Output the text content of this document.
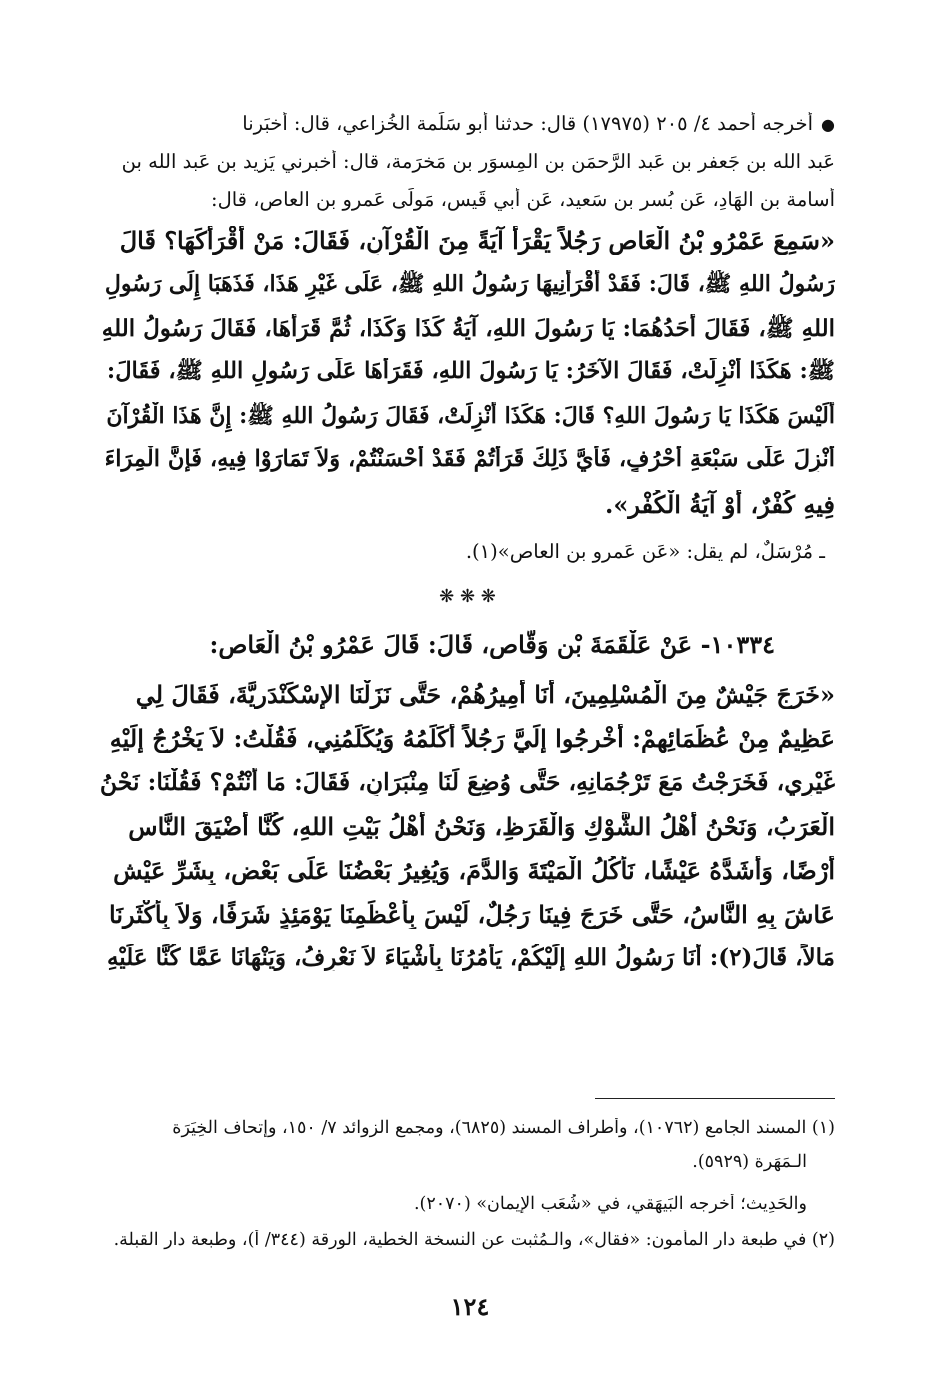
●أخرجه أحمد ٤/ ٢٠٥ (١٧٩٧٥) قال: حدثنا أَبو سَلَمة الخُزاعي، قال: أَخبَرنا
عَبد الله بن جَعفر بن عَبد الرَّحمَن بن المِسوَر بن مَخرَمة، قال: أخبرني يَزيد بن عَبد الله بن
أُسامة بن الهَادِ، عَن بُسر بن سَعيد، عَن أَبي قَيس، مَولَى عَمرو بن العاص، قال:
«سَمِعَ عَمْرُو بْنُ الْعَاصِ رَجُلاً يَقْرَأُ آيَةً مِنَ الْقُرْآنِ، فَقَالَ: مَنْ أَقْرَأَكَهَا؟ قَالَ
رَسُولُ اللهِ ﷺ، قَالَ: فَقَدْ أَقْرَأَنِيهَا رَسُولُ اللهِ ﷺ، عَلَى غَيْرِ هَذَا، فَذَهَبَا إِلَى رَسُولِ
اللهِ ﷺ، فَقَالَ أَحَدُهُمَا: يَا رَسُولَ اللهِ، آيَةُ كَذَا وَكَذَا، ثُمَّ قَرَأَهَا، فَقَالَ رَسُولُ اللهِ
ﷺ: هَكَذَا أُنْزِلَتْ، فَقَالَ الآخَرُ: يَا رَسُولَ اللهِ، فَقَرَأَهَا عَلَى رَسُولِ اللهِ ﷺ، فَقَالَ:
أَلَيْسَ هَكَذَا يَا رَسُولَ اللهِ؟ قَالَ: هَكَذَا أُنْزِلَتْ، فَقَالَ رَسُولُ اللهِ ﷺ: إِنَّ هَذَا الْقُرْآنَ
أُنْزِلَ عَلَى سَبْعَةِ أَحْرُفٍ، فَأَيَّ ذَلِكَ قَرَأْتُمْ فَقَدْ أَحْسَنْتُمْ، وَلاَ تَمَارَوْا فِيهِ، فَإِنَّ الْمِرَاءَ
فِيهِ كُفْرٌ، أَوْ آيَةُ الْكُفْرِ».
ـ مُرْسَلٌ، لم يقل: «عَن عَمرو بن العاص»(١).
❋ ❋ ❋
١٠٣٣٤- عَنْ عَلْقَمَةَ بْنِ وَقَّاصٍ، قَالَ: قَالَ عَمْرُو بْنُ الْعَاصِ:
«خَرَجَ جَيْشٌ مِنَ الْمُسْلِمِينَ، أَنَا أَمِيرُهُمْ، حَتَّى نَزَلْنَا الإِسْكَنْدَرِيَّةَ، فَقَالَ لِي
عَظِيمٌ مِنْ عُظَمَائِهِمْ: أَخْرِجُوا إِلَيَّ رَجُلاً أُكَلِّمُهُ وَيُكَلِّمُنِي، فَقُلْتُ: لاَ يَخْرُجُ إِلَيْهِ
غَيْرِي، فَخَرَجْتُ مَعَ تَرْجُمَانِهِ، حَتَّى وُضِعَ لَنَا مِنْبَرَانِ، فَقَالَ: مَا أَنْتُمْ؟ فَقُلْنَا: نَحْنُ
الْعَرَبُ، وَنَحْنُ أَهْلُ الشَّوْكِ وَالْقَرَظِ، وَنَحْنُ أَهْلُ بَيْتِ اللهِ، كُنَّا أَضْيَقَ النَّاسِ
أَرْضًا، وَأَشَدَّهُ عَيْشًا، نَأْكُلُ الْمَيْتَةَ وَالدَّمَ، وَيُغِيرُ بَعْضُنَا عَلَى بَعْضٍ، بِشَرِّ عَيْشٍ
عَاشَ بِهِ النَّاسُ، حَتَّى خَرَجَ فِينَا رَجُلٌ، لَيْسَ بِأَعْظَمِنَا يَوْمَئِذٍ شَرَفًا، وَلاَ بِأَكْثَرِنَا
مَالاً، قَالَ(٢): أَنَا رَسُولُ اللهِ إِلَيْكُمْ، يَأْمُرُنَا بِأَشْيَاءَ لاَ نَعْرِفُ، وَيَنْهَانَا عَمَّا كُنَّا عَلَيْهِ
(١) المسند الجامع (١٠٧٦٢)، وأطراف المسند (٦٨٢٥)، ومجمع الزوائد ٧/ ١٥٠، وإتحاف الخِيَرَة
الـمَهَرة (٥٩٢٩).
والحَدِيث؛ أخرجه البَيهَقي، في «شُعَب الإِيمان» (٢٠٧٠).
(٢) في طبعة دار المأمون: «فقال»، والـمُثبت عن النسخة الخطية، الورقة (٣٤٤/ أ)، وطبعة دار القبلة.
١٢٤
